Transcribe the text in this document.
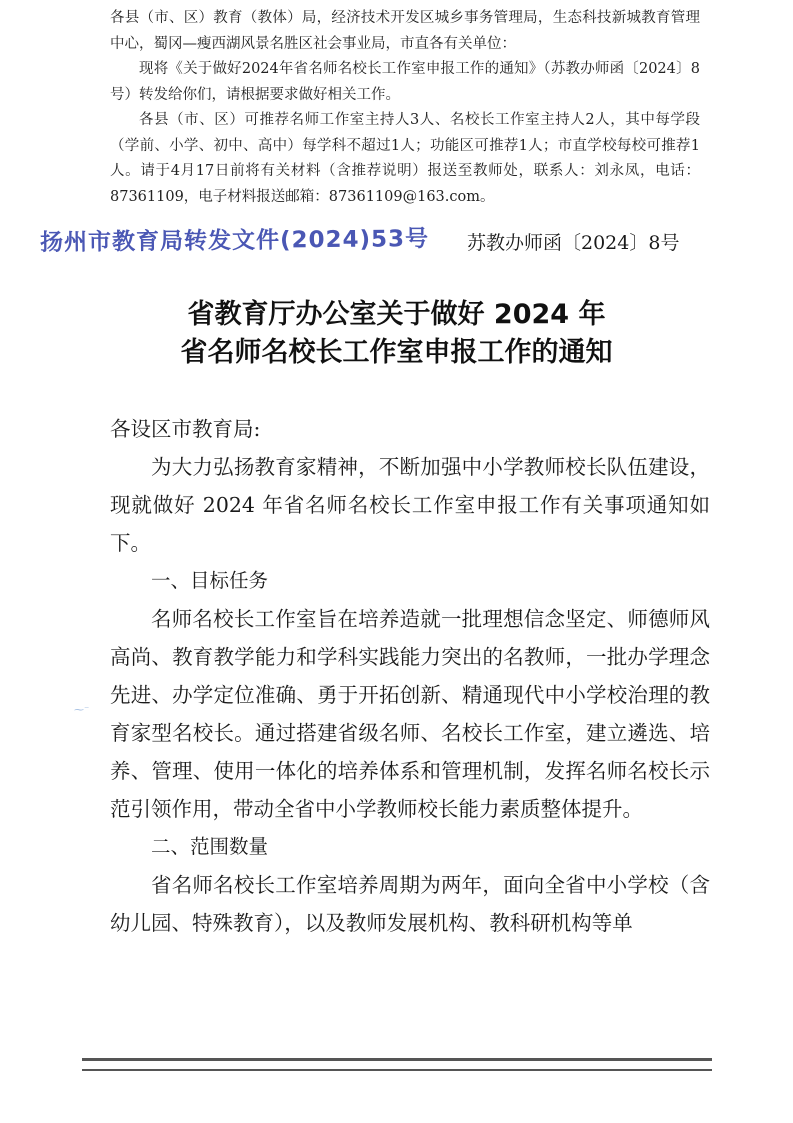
各县（市、区）教育（教体）局，经济技术开发区城乡事务管理局，生态科技新城教育管理中心，蜀冈—瘦西湖风景名胜区社会事业局，市直各有关单位：

现将《关于做好2024年省名师名校长工作室申报工作的通知》（苏教办师函〔2024〕8号）转发给你们，请根据要求做好相关工作。

各县（市、区）可推荐名师工作室主持人3人、名校长工作室主持人2人，其中每学段（学前、小学、初中、高中）每学科不超过1人；功能区可推荐1人；市直学校每校可推荐1人。请于4月17日前将有关材料（含推荐说明）报送至教师处，联系人：刘永凤，电话：87361109，电子材料报送邮箱：87361109@163.com。

扬州市教育局转发文件(2024)53号 苏教办师函〔2024〕8号
省教育厅办公室关于做好 2024 年
省名师名校长工作室申报工作的通知

各设区市教育局:

为大力弘扬教育家精神，不断加强中小学教师校长队伍建设，现就做好 2024 年省名师名校长工作室申报工作有关事项通知如下。

一、目标任务

名师名校长工作室旨在培养造就一批理想信念坚定、师德师风高尚、教育教学能力和学科实践能力突出的名教师，一批办学理念先进、办学定位准确、勇于开拓创新、精通现代中小学校治理的教育家型名校长。通过搭建省级名师、名校长工作室，建立遴选、培养、管理、使用一体化的培养体系和管理机制，发挥名师名校长示范引领作用，带动全省中小学教师校长能力素质整体提升。

二、范围数量

省名师名校长工作室培养周期为两年，面向全省中小学校（含幼儿园、特殊教育），以及教师发展机构、教科研机构等单

⁓⁻
